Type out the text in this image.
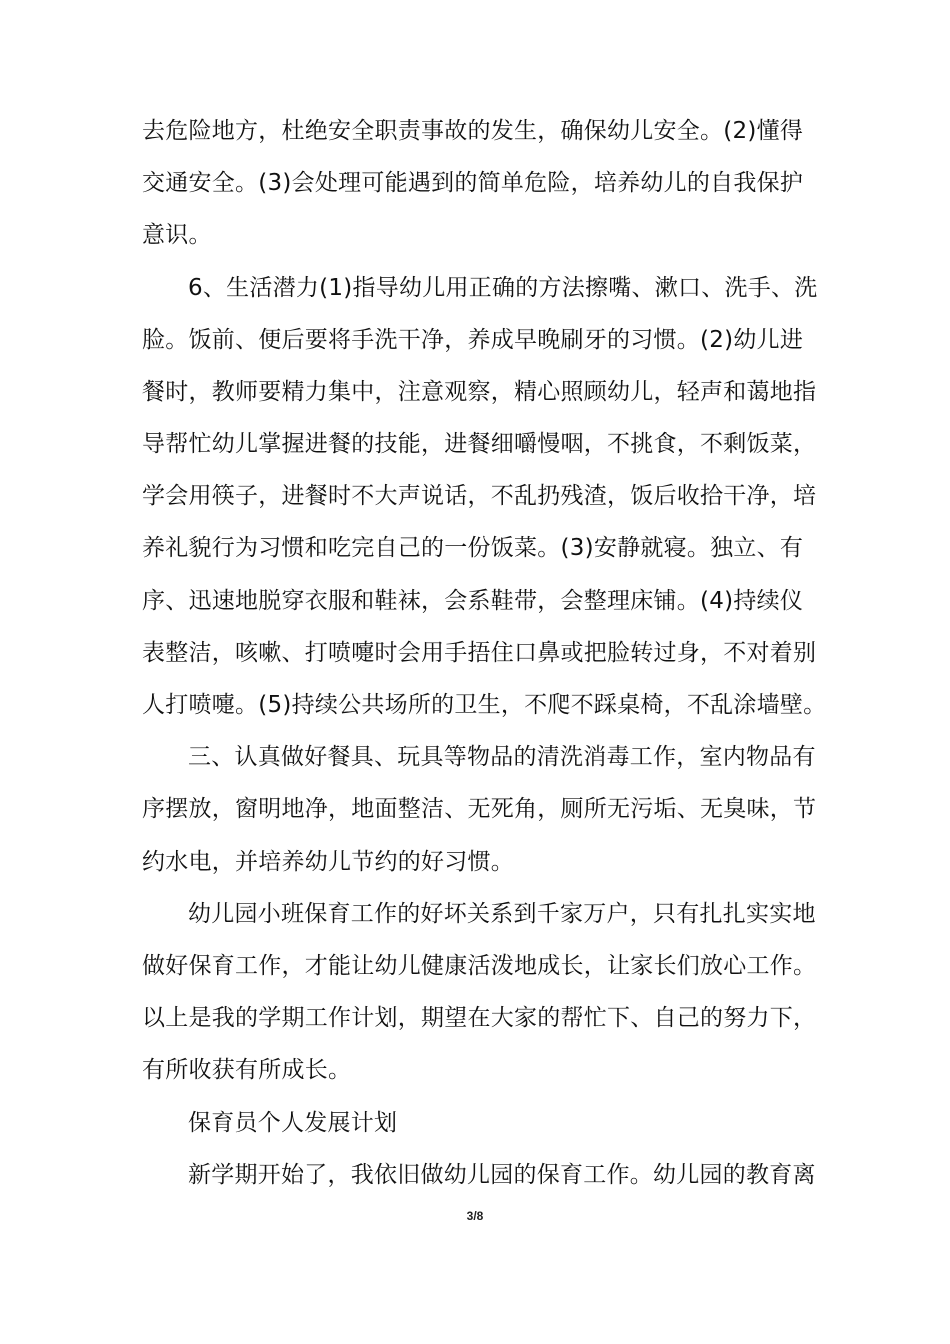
去危险地方，杜绝安全职责事故的发生，确保幼儿安全。(2)懂得
交通安全。(3)会处理可能遇到的简单危险，培养幼儿的自我保护
意识。
6、生活潜力(1)指导幼儿用正确的方法擦嘴、漱口、洗手、洗
脸。饭前、便后要将手洗干净，养成早晚刷牙的习惯。(2)幼儿进
餐时，教师要精力集中，注意观察，精心照顾幼儿，轻声和蔼地指
导帮忙幼儿掌握进餐的技能，进餐细嚼慢咽，不挑食，不剩饭菜，
学会用筷子，进餐时不大声说话，不乱扔残渣，饭后收拾干净，培
养礼貌行为习惯和吃完自己的一份饭菜。(3)安静就寝。独立、有
序、迅速地脱穿衣服和鞋袜，会系鞋带，会整理床铺。(4)持续仪
表整洁，咳嗽、打喷嚏时会用手捂住口鼻或把脸转过身，不对着别
人打喷嚏。(5)持续公共场所的卫生，不爬不踩桌椅，不乱涂墙壁。
三、认真做好餐具、玩具等物品的清洗消毒工作，室内物品有
序摆放，窗明地净，地面整洁、无死角，厕所无污垢、无臭味，节
约水电，并培养幼儿节约的好习惯。
幼儿园小班保育工作的好坏关系到千家万户，只有扎扎实实地
做好保育工作，才能让幼儿健康活泼地成长，让家长们放心工作。
以上是我的学期工作计划，期望在大家的帮忙下、自己的努力下，
有所收获有所成长。
保育员个人发展计划
新学期开始了，我依旧做幼儿园的保育工作。幼儿园的教育离
3/8
